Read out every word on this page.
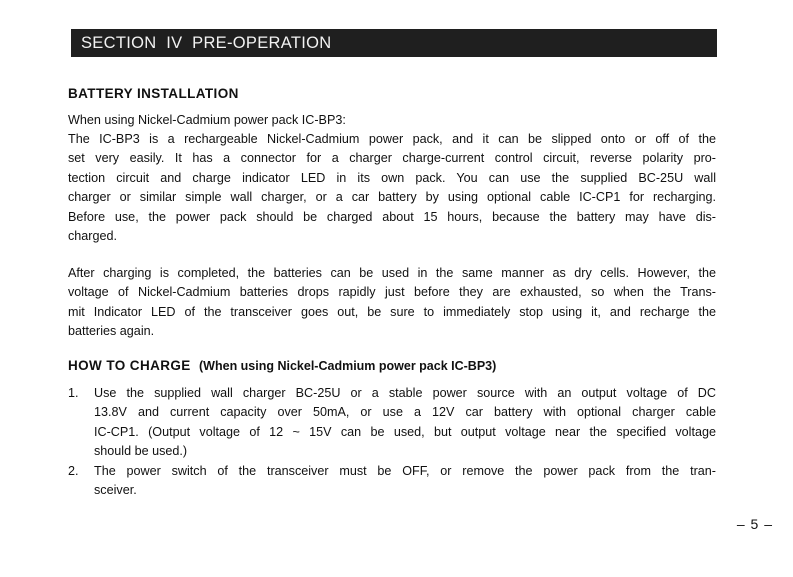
SECTION  IV  PRE-OPERATION
BATTERY INSTALLATION
When using Nickel-Cadmium power pack IC-BP3:
The IC-BP3 is a rechargeable Nickel-Cadmium power pack, and it can be slipped onto or off of the
set very easily. It has a connector for a charger charge-current control circuit, reverse polarity pro-
tection circuit and charge indicator LED in its own pack. You can use the supplied BC-25U wall
charger or similar simple wall charger, or a car battery by using optional cable IC-CP1 for recharging.
Before use, the power pack should be charged about 15 hours, because the battery may have dis-
charged.
After charging is completed, the batteries can be used in the same manner as dry cells. However, the
voltage of Nickel-Cadmium batteries drops rapidly just before they are exhausted, so when the Trans-
mit Indicator LED of the transceiver goes out, be sure to immediately stop using it, and recharge the
batteries again.
HOW TO CHARGE (When using Nickel-Cadmium power pack IC-BP3)
1. Use the supplied wall charger BC-25U or a stable power source with an output voltage of DC
13.8V and current capacity over 50mA, or use a 12V car battery with optional charger cable
IC-CP1. (Output voltage of 12 ~ 15V can be used, but output voltage near the specified voltage
should be used.)
2. The power switch of the transceiver must be OFF, or remove the power pack from the tran-
sceiver.
– 5 –
